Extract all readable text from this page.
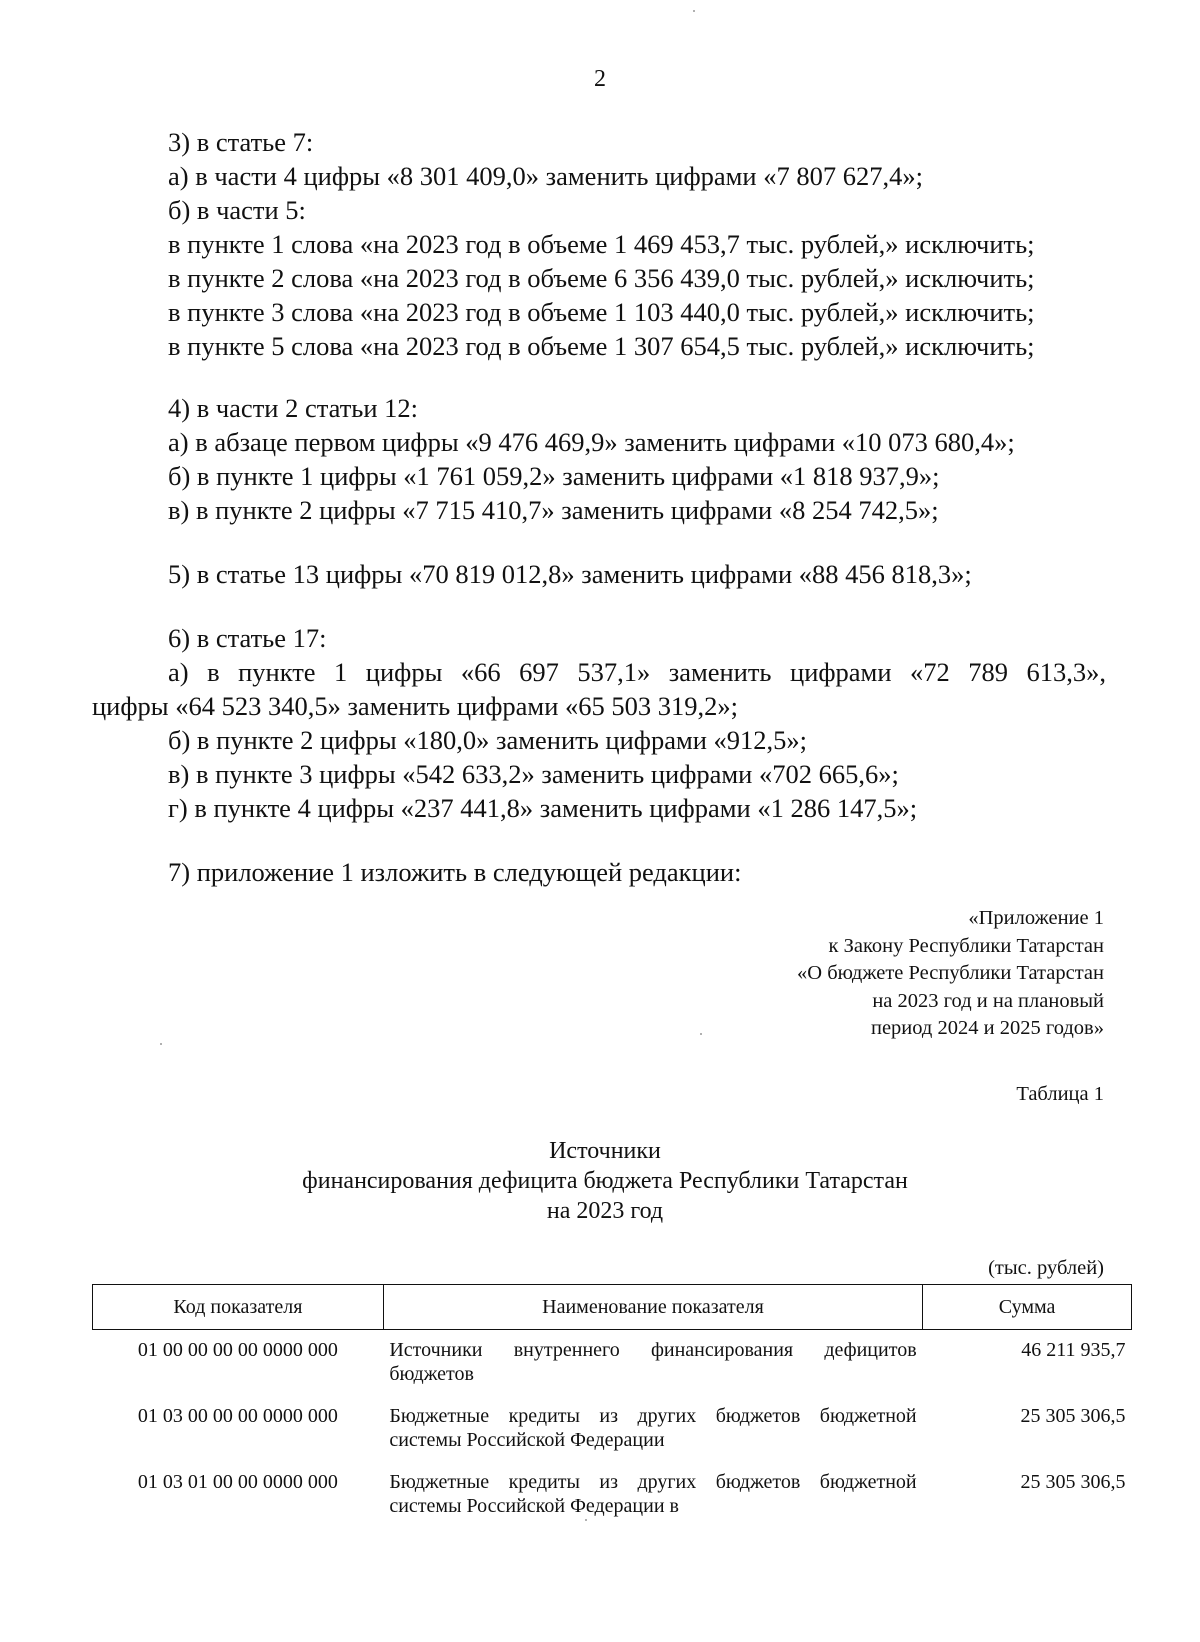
2
3) в статье 7:
а) в части 4 цифры «8 301 409,0» заменить цифрами «7 807 627,4»;
б) в части 5:
в пункте 1 слова «на 2023 год в объеме 1 469 453,7 тыс. рублей,» исключить;
в пункте 2 слова «на 2023 год в объеме 6 356 439,0 тыс. рублей,» исключить;
в пункте 3 слова «на 2023 год в объеме 1 103 440,0 тыс. рублей,» исключить;
в пункте 5 слова «на 2023 год в объеме 1 307 654,5 тыс. рублей,» исключить;
4) в части 2 статьи 12:
а) в абзаце первом цифры «9 476 469,9» заменить цифрами «10 073 680,4»;
б) в пункте 1 цифры «1 761 059,2» заменить цифрами «1 818 937,9»;
в) в пункте 2 цифры «7 715 410,7» заменить цифрами «8 254 742,5»;
5) в статье 13 цифры «70 819 012,8» заменить цифрами «88 456 818,3»;
6) в статье 17:
а) в пункте 1 цифры «66 697 537,1» заменить цифрами «72 789 613,3»,
цифры «64 523 340,5» заменить цифрами «65 503 319,2»;
б) в пункте 2 цифры «180,0» заменить цифрами «912,5»;
в) в пункте 3 цифры «542 633,2» заменить цифрами «702 665,6»;
г) в пункте 4 цифры «237 441,8» заменить цифрами «1 286 147,5»;
7) приложение 1 изложить в следующей редакции:
«Приложение 1
к Закону Республики Татарстан
«О бюджете Республики Татарстан
на 2023 год и на плановый
период 2024 и 2025 годов»
Таблица 1
Источники
финансирования дефицита бюджета Республики Татарстан
на 2023 год
(тыс. рублей)
Код показателя	Наименование показателя	Сумма
01 00 00 00 00 0000 000	Источники внутреннего финансирования дефицитов бюджетов	46 211 935,7
01 03 00 00 00 0000 000	Бюджетные кредиты из других бюджетов бюджетной системы Российской Федерации	25 305 306,5
01 03 01 00 00 0000 000	Бюджетные кредиты из других бюджетов бюджетной системы Российской Федерации в	25 305 306,5
